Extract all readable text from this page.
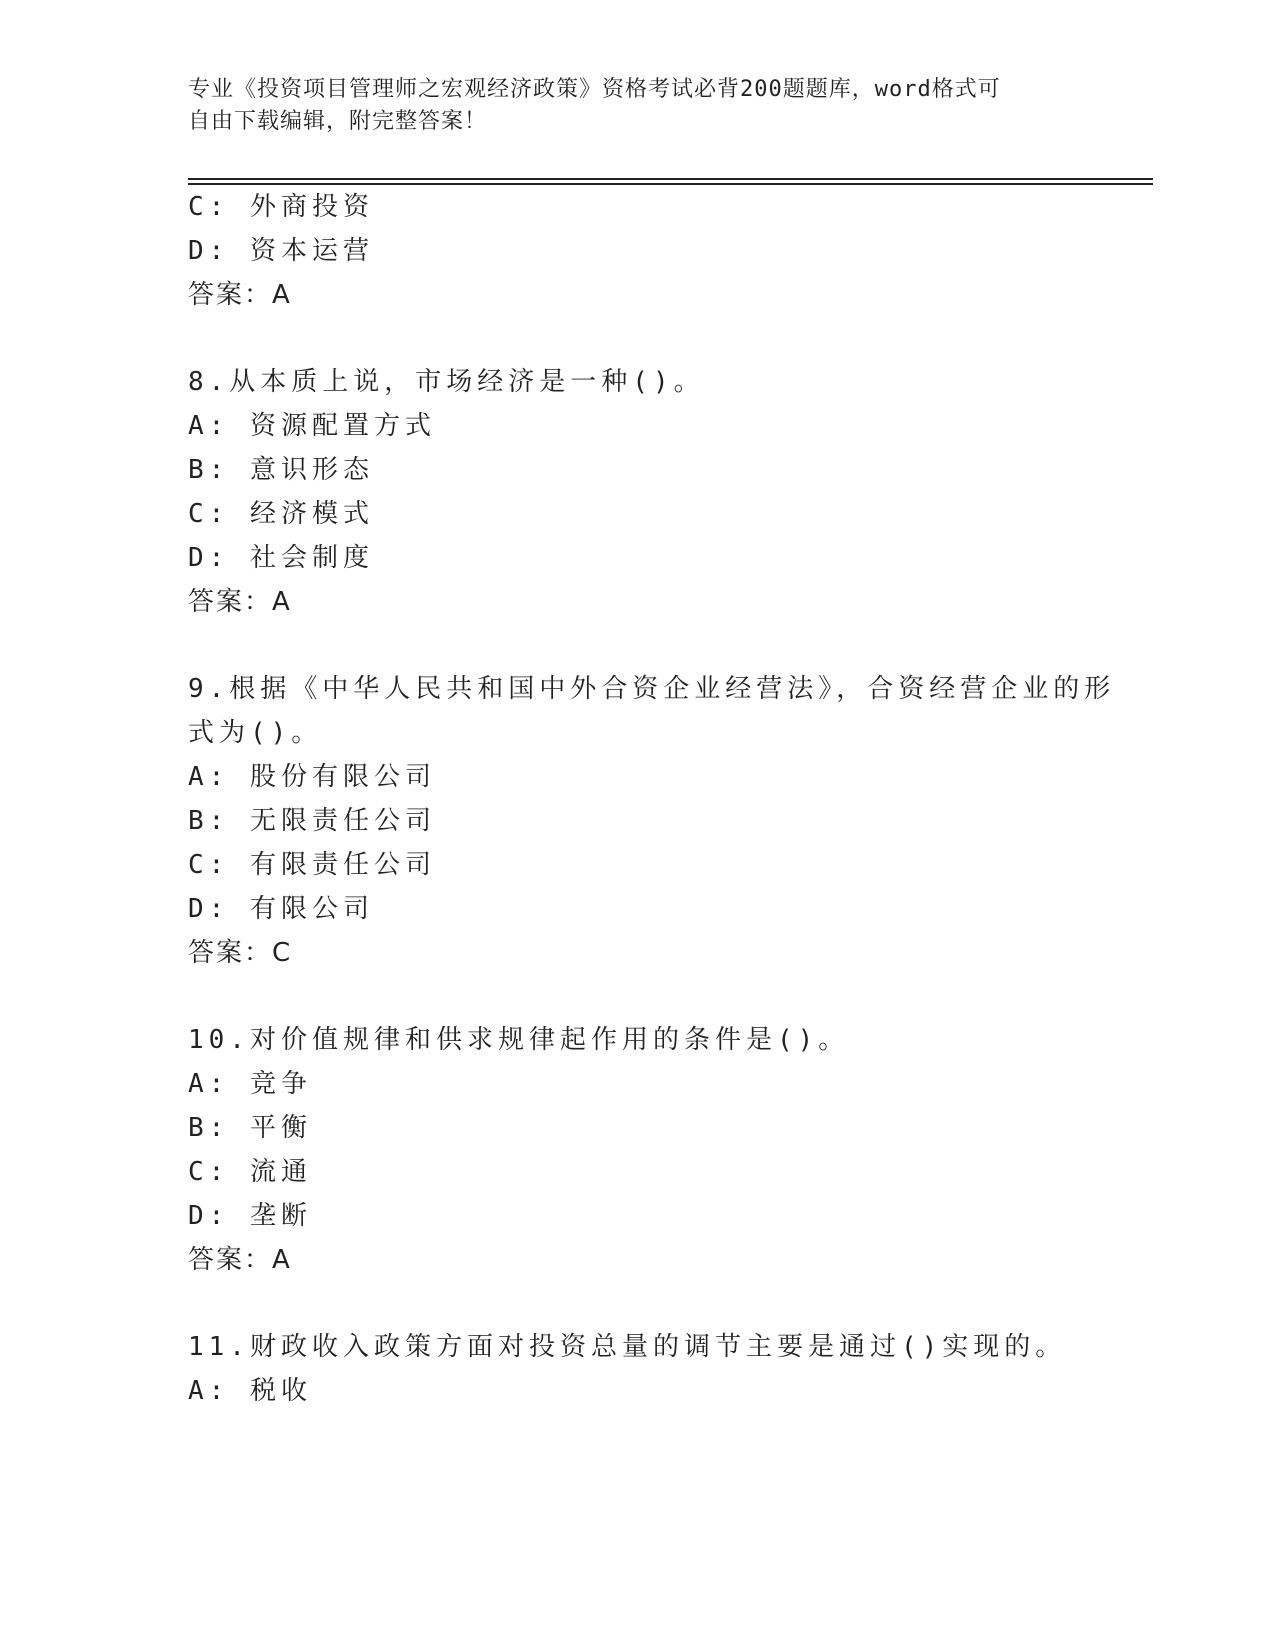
专业《投资项目管理师之宏观经济政策》资格考试必背200题题库，word格式可
自由下载编辑，附完整答案！
C: 外商投资
D: 资本运营
答案：A
8.从本质上说，市场经济是一种()。
A: 资源配置方式
B: 意识形态
C: 经济模式
D: 社会制度
答案：A
9.根据《中华人民共和国中外合资企业经营法》，合资经营企业的形
式为()。
A: 股份有限公司
B: 无限责任公司
C: 有限责任公司
D: 有限公司
答案：C
10.对价值规律和供求规律起作用的条件是()。
A: 竞争
B: 平衡
C: 流通
D: 垄断
答案：A
11.财政收入政策方面对投资总量的调节主要是通过()实现的。
A: 税收
